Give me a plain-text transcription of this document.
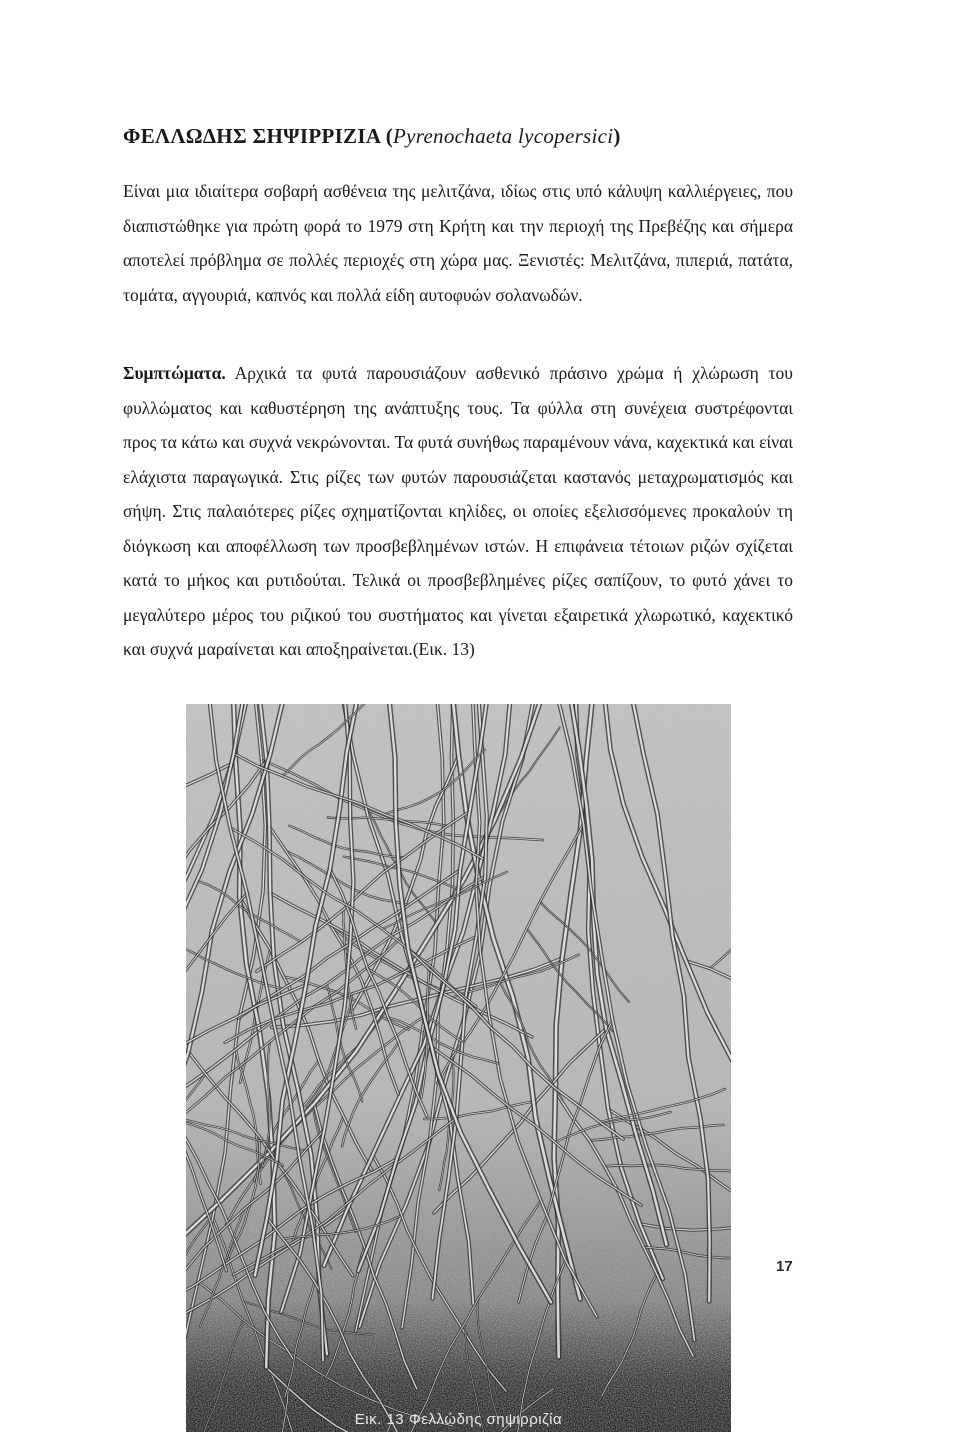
ΦΕΛΛΩΔΗΣ ΣΗΨΙΡΡΙΖΙΑ (Pyrenochaeta lycopersici)
Είναι μια ιδιαίτερα σοβαρή ασθένεια της μελιτζάνα, ιδίως στις υπό κάλυψη καλλιέργειες, που διαπιστώθηκε για πρώτη φορά το 1979 στη Κρήτη και την περιοχή της Πρεβέζης και σήμερα αποτελεί πρόβλημα σε πολλές περιοχές στη χώρα μας. Ξενιστές: Μελιτζάνα, πιπεριά, πατάτα, τομάτα, αγγουριά, καπνός και πολλά είδη αυτοφυών σολανωδών.
Συμπτώματα. Αρχικά τα φυτά παρουσιάζουν ασθενικό πράσινο χρώμα ή χλώρωση του φυλλώματος και καθυστέρηση της ανάπτυξης τους. Τα φύλλα στη συνέχεια συστρέφονται προς τα κάτω και συχνά νεκρώνονται. Τα φυτά συνήθως παραμένουν νάνα, καχεκτικά και είναι ελάχιστα παραγωγικά. Στις ρίζες των φυτών παρουσιάζεται καστανός μεταχρωματισμός και σήψη. Στις παλαιότερες ρίζες σχηματίζονται κηλίδες, οι οποίες εξελισσόμενες προκαλούν τη διόγκωση και αποφέλλωση των προσβεβλημένων ιστών. Η επιφάνεια τέτοιων ριζών σχίζεται κατά το μήκος και ρυτιδούται. Τελικά οι προσβεβλημένες ρίζες σαπίζουν, το φυτό χάνει το μεγαλύτερο μέρος του ριζικού του συστήματος και γίνεται εξαιρετικά χλωρωτικό, καχεκτικό και συχνά μαραίνεται και αποξηραίνεται.(Εικ. 13)
Εικ. 13 Φελλώδης σηψιρριζία
17
